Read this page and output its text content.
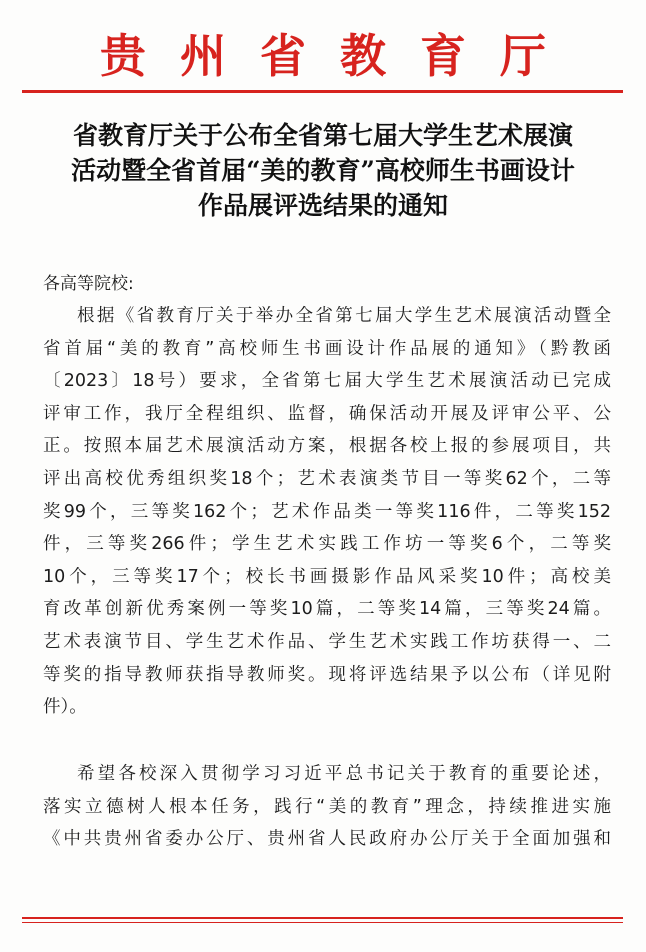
贵州省教育厅
省教育厅关于公布全省第七届大学生艺术展演
活动暨全省首届“美的教育”高校师生书画设计
作品展评选结果的通知
各高等院校:
根据《省教育厅关于举办全省第七届大学生艺术展演活动暨全
省首届“美的教育”高校师生书画设计作品展的通知》（黔教函
〔2023〕18号）要求，全省第七届大学生艺术展演活动已完成
评审工作，我厅全程组织、监督，确保活动开展及评审公平、公
正。按照本届艺术展演活动方案，根据各校上报的参展项目，共
评出高校优秀组织奖18个；艺术表演类节目一等奖62个，二等
奖99个，三等奖162个；艺术作品类一等奖116件，二等奖152
件，三等奖266件；学生艺术实践工作坊一等奖6个，二等奖
10个，三等奖17个；校长书画摄影作品风采奖10件；高校美
育改革创新优秀案例一等奖10篇，二等奖14篇，三等奖24篇。
艺术表演节目、学生艺术作品、学生艺术实践工作坊获得一、二
等奖的指导教师获指导教师奖。现将评选结果予以公布（详见附
件）。
希望各校深入贯彻学习习近平总书记关于教育的重要论述，
落实立德树人根本任务，践行“美的教育”理念，持续推进实施
《中共贵州省委办公厅、贵州省人民政府办公厅关于全面加强和
